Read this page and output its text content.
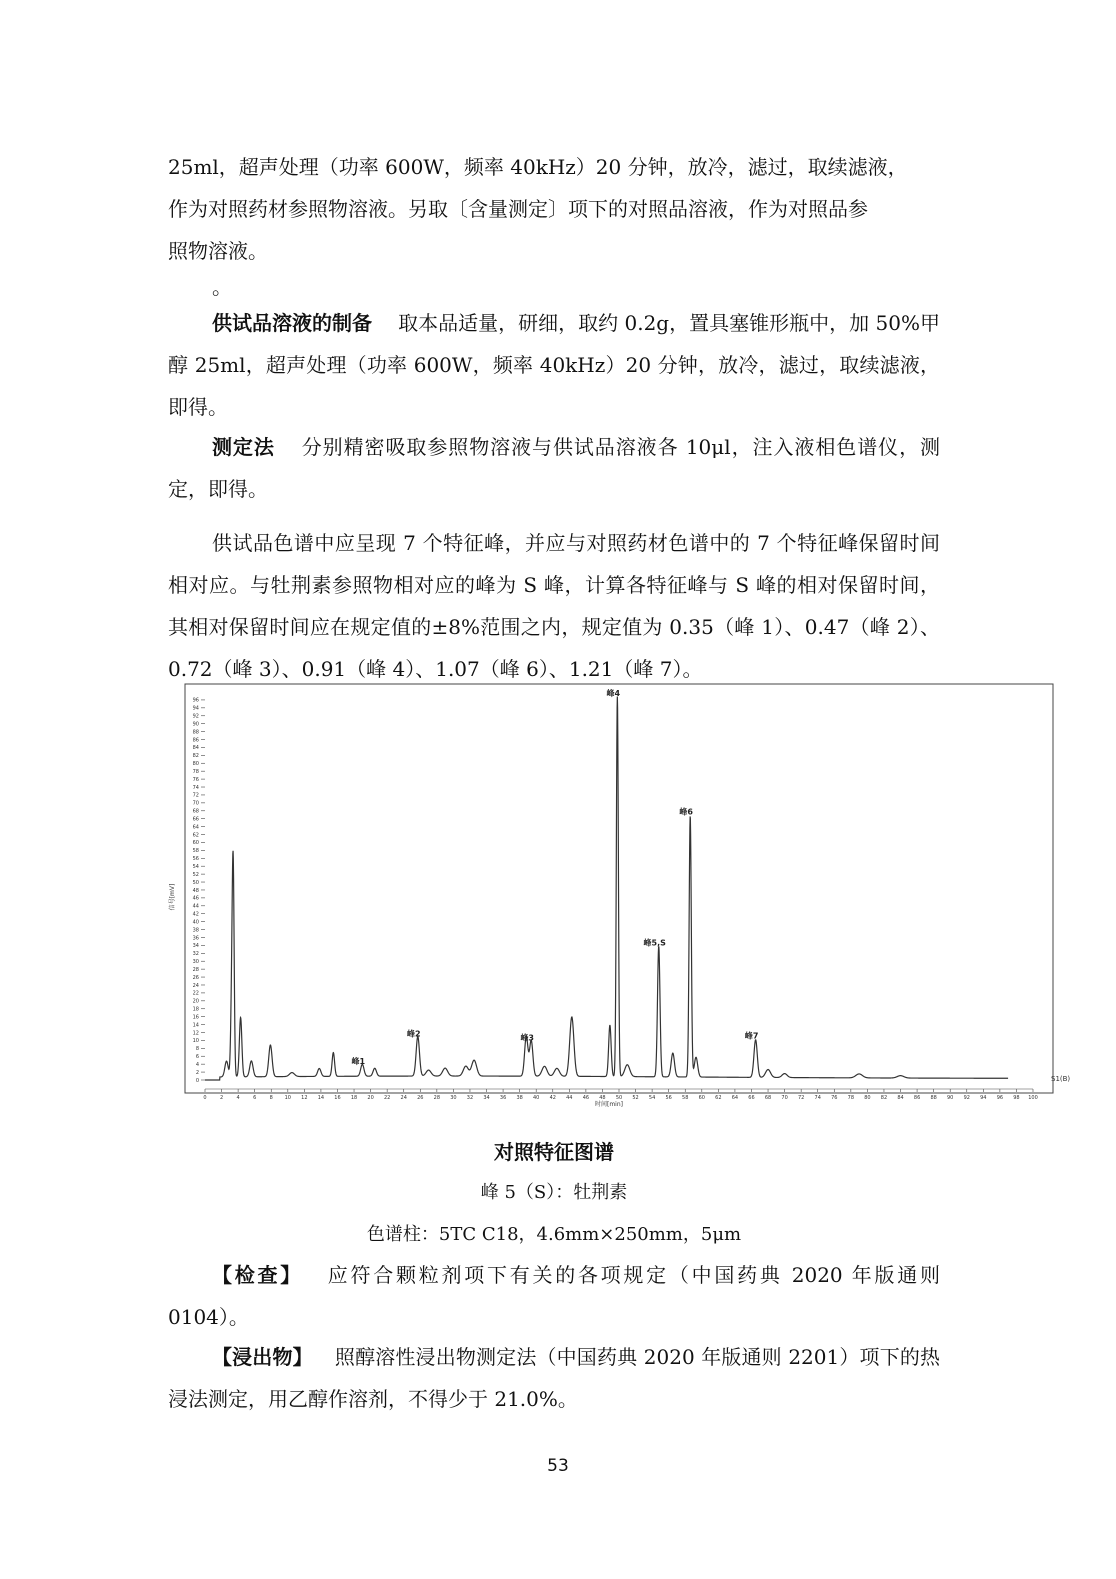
25ml，超声处理（功率 600W，频率 40kHz）20 分钟，放冷，滤过，取续滤液，
作为对照药材参照物溶液。另取〔含量测定〕项下的对照品溶液，作为对照品参
照物溶液。

。

供试品溶液的制备 取本品适量，研细，取约 0.2g，置具塞锥形瓶中，加 50%甲醇 25ml，超声处理（功率 600W，频率 40kHz）20 分钟，放冷，滤过，取续滤液，即得。

测定法 分别精密吸取参照物溶液与供试品溶液各 10μl，注入液相色谱仪，测定，即得。

供试品色谱中应呈现 7 个特征峰，并应与对照药材色谱中的 7 个特征峰保留时间相对应。与牡荆素参照物相对应的峰为 S 峰，计算各特征峰与 S 峰的相对保留时间，其相对保留时间应在规定值的±8%范围之内，规定值为 0.35（峰 1）、0.47（峰 2）、0.72（峰 3）、0.91（峰 4）、1.07（峰 6）、1.21（峰 7）。

0
2
4
6
8
10
12
14
16
18
20
22
24
26
28
30
32
34
36
38
40
42
44
46
48
50
52
54
56
58
60
62
64
66
68
70
72
74
76
78
80
82
84
86
88
90
92
94
96
0	2	4	6	8 10 12 14 16 18 20 22 24 26 28 30 32 34 36 38 40 42 44 46 48 50 52 54 56 58 60 62 64 66 68 70 72 74 76 78 80 82 84 86 88 90 92 94 96 98 100
峰1
峰2	峰3
峰4
峰5,S
峰6
峰7
信号[mV]
时间[min]
S1(B)

对照特征图谱

峰 5（S）：牡荆素

色谱柱：5TC C18，4.6mm×250mm，5μm

【检查】 应符合颗粒剂项下有关的各项规定（中国药典 2020 年版通则 0104）。

【浸出物】 照醇溶性浸出物测定法（中国药典 2020 年版通则 2201）项下的热浸法测定，用乙醇作溶剂，不得少于 21.0%。

53
